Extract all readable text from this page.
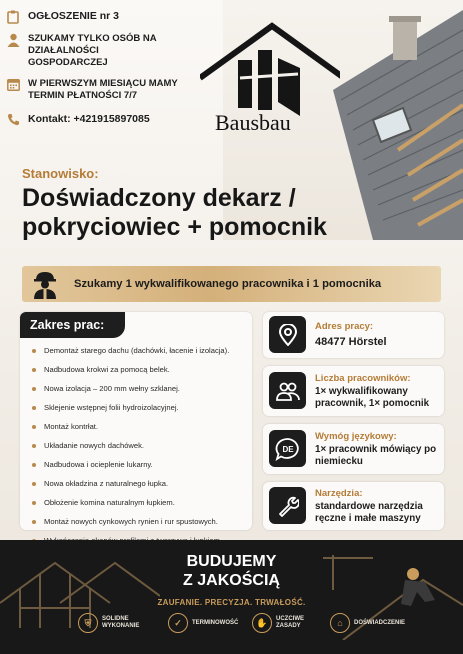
OGŁOSZENIE nr 3
SZUKAMY TYLKO OSÓB NA DZIAŁALNOŚCI GOSPODARCZEJ
W PIERWSZYM MIESIĄCU MAMY TERMIN PŁATNOŚCI 7/7
Kontakt: +421915897085	Bausbau
Stanowisko:
Doświadczony dekarz / pokryciowiec + pomocnik
Szukamy 1 wykwalifikowanego pracownika i 1 pomocnika
Zakres prac:
Demontaż starego dachu (dachówki, łacenie i izolacja).
Nadbudowa krokwi za pomocą belek.
Nowa izolacja – 200 mm wełny szklanej.
Sklejenie wstępnej folii hydroizolacyjnej.
Montaż kontrłat.
Układanie nowych dachówek.
Nadbudowa i ocieplenie lukarny.
Nowa okładzina z naturalnego łupka.
Obłożenie komina naturalnym łupkiem.
Montaż nowych cynkowych rynien i rur spustowych.
Adres pracy:
48477 Hörstel
Liczba pracowników:
1× wykwalifikowany pracownik, 1× pomocnik
DE
Wymóg językowy:
1× pracownik mówiący po niemiecku
Narzędzia:
standardowe narzędzia ręczne i małe maszyny
BUDUJEMY
Z JAKOŚCIĄ
ZAUFANIE. PRECYZJA. TRWAŁOŚĆ.
⛨	SOLIDNE WYKONANIE	✓	TERMINOWOŚĆ	✋	UCZCIWE ZASADY	⌂	DOŚWIADCZENIE
